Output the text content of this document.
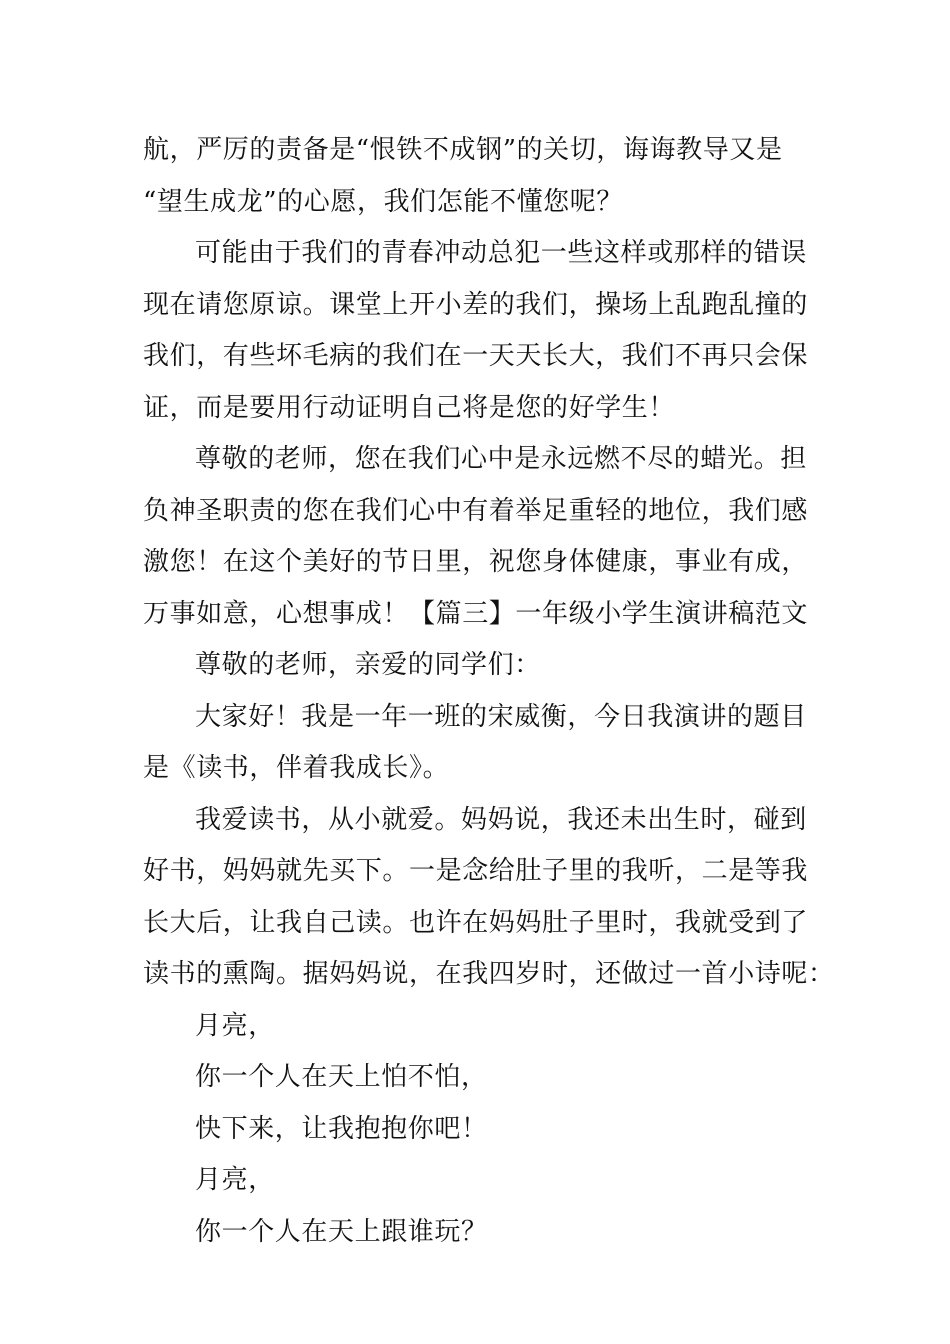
航，严厉的责备是“恨铁不成钢”的关切，诲诲教导又是
“望生成龙”的心愿，我们怎能不懂您呢？
可能由于我们的青春冲动总犯一些这样或那样的错误
现在请您原谅。课堂上开小差的我们，操场上乱跑乱撞的
我们，有些坏毛病的我们在一天天长大，我们不再只会保
证，而是要用行动证明自己将是您的好学生！
尊敬的老师，您在我们心中是永远燃不尽的蜡光。担
负神圣职责的您在我们心中有着举足重轻的地位，我们感
激您！在这个美好的节日里，祝您身体健康，事业有成，
万事如意，心想事成！【篇三】一年级小学生演讲稿范文
尊敬的老师，亲爱的同学们：
大家好！我是一年一班的宋威衡，今日我演讲的题目
是《读书，伴着我成长》。
我爱读书，从小就爱。妈妈说，我还未出生时，碰到
好书，妈妈就先买下。一是念给肚子里的我听，二是等我
长大后，让我自己读。也许在妈妈肚子里时，我就受到了
读书的熏陶。据妈妈说，在我四岁时，还做过一首小诗呢：
月亮，
你一个人在天上怕不怕，
快下来，让我抱抱你吧！
月亮，
你一个人在天上跟谁玩？
